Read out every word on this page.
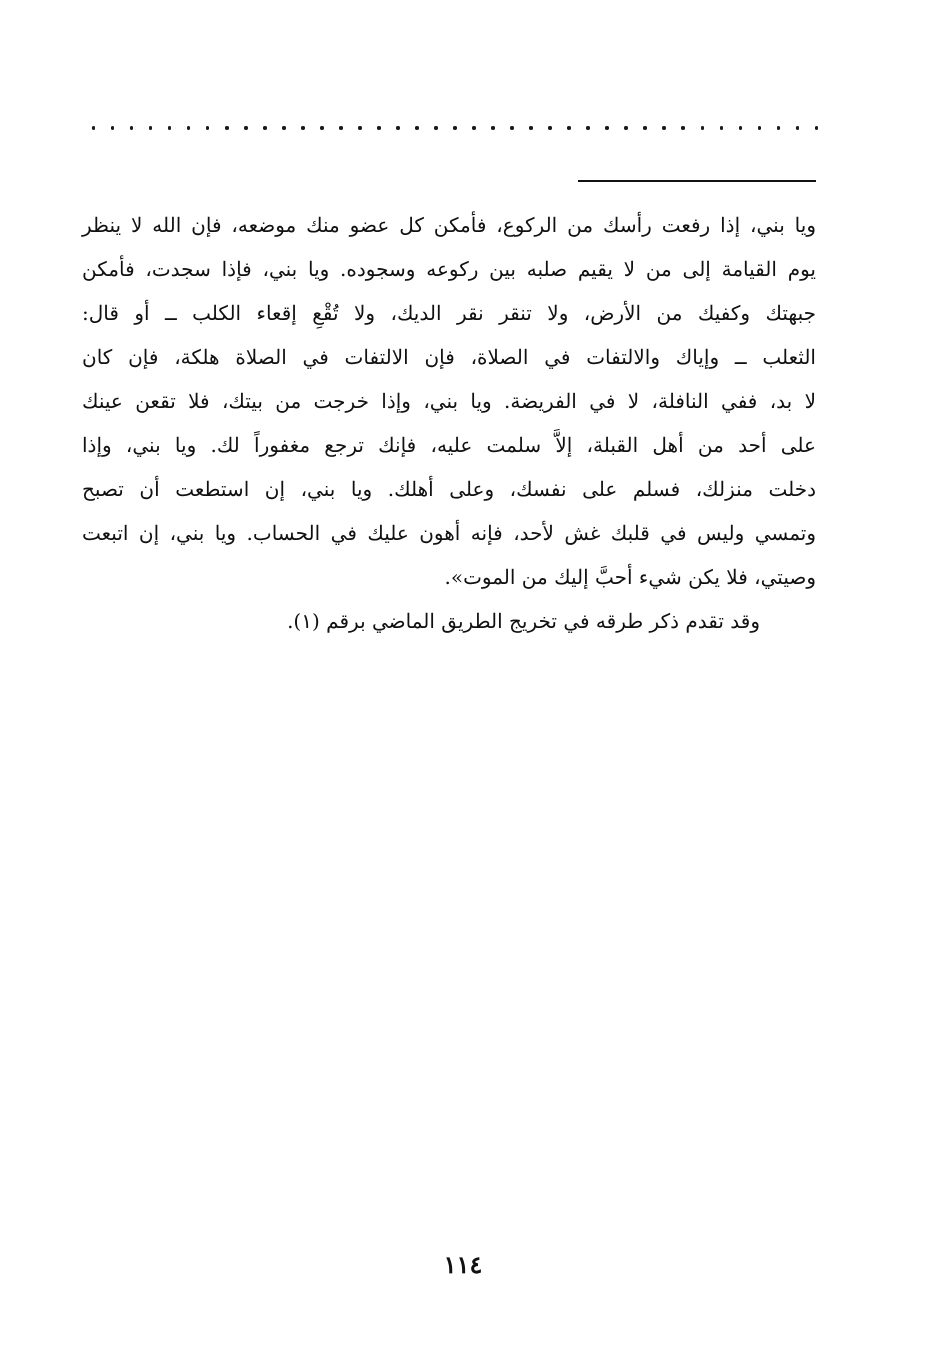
ويا بني، إذا رفعت رأسك من الركوع، فأمكن كل عضو منك موضعه، فإن الله لا ينظر
يوم القيامة إلى من لا يقيم صلبه بين ركوعه وسجوده. ويا بني، فإذا سجدت، فأمكن
جبهتك وكفيك من الأرض، ولا تنقر نقر الديك، ولا تُقْعِ إقعاء الكلب ــ أو قال:
الثعلب ــ وإياك والالتفات في الصلاة، فإن الالتفات في الصلاة هلكة، فإن كان
لا بد، ففي النافلة، لا في الفريضة. ويا بني، وإذا خرجت من بيتك، فلا تقعن عينك
على أحد من أهل القبلة، إلاَّ سلمت عليه، فإنك ترجع مغفوراً لك. ويا بني، وإذا
دخلت منزلك، فسلم على نفسك، وعلى أهلك. ويا بني، إن استطعت أن تصبح
وتمسي وليس في قلبك غش لأحد، فإنه أهون عليك في الحساب. ويا بني، إن اتبعت
وصيتي، فلا يكن شيء أحبَّ إليك من الموت».
وقد تقدم ذكر طرقه في تخريج الطريق الماضي برقم (١).
١١٤
